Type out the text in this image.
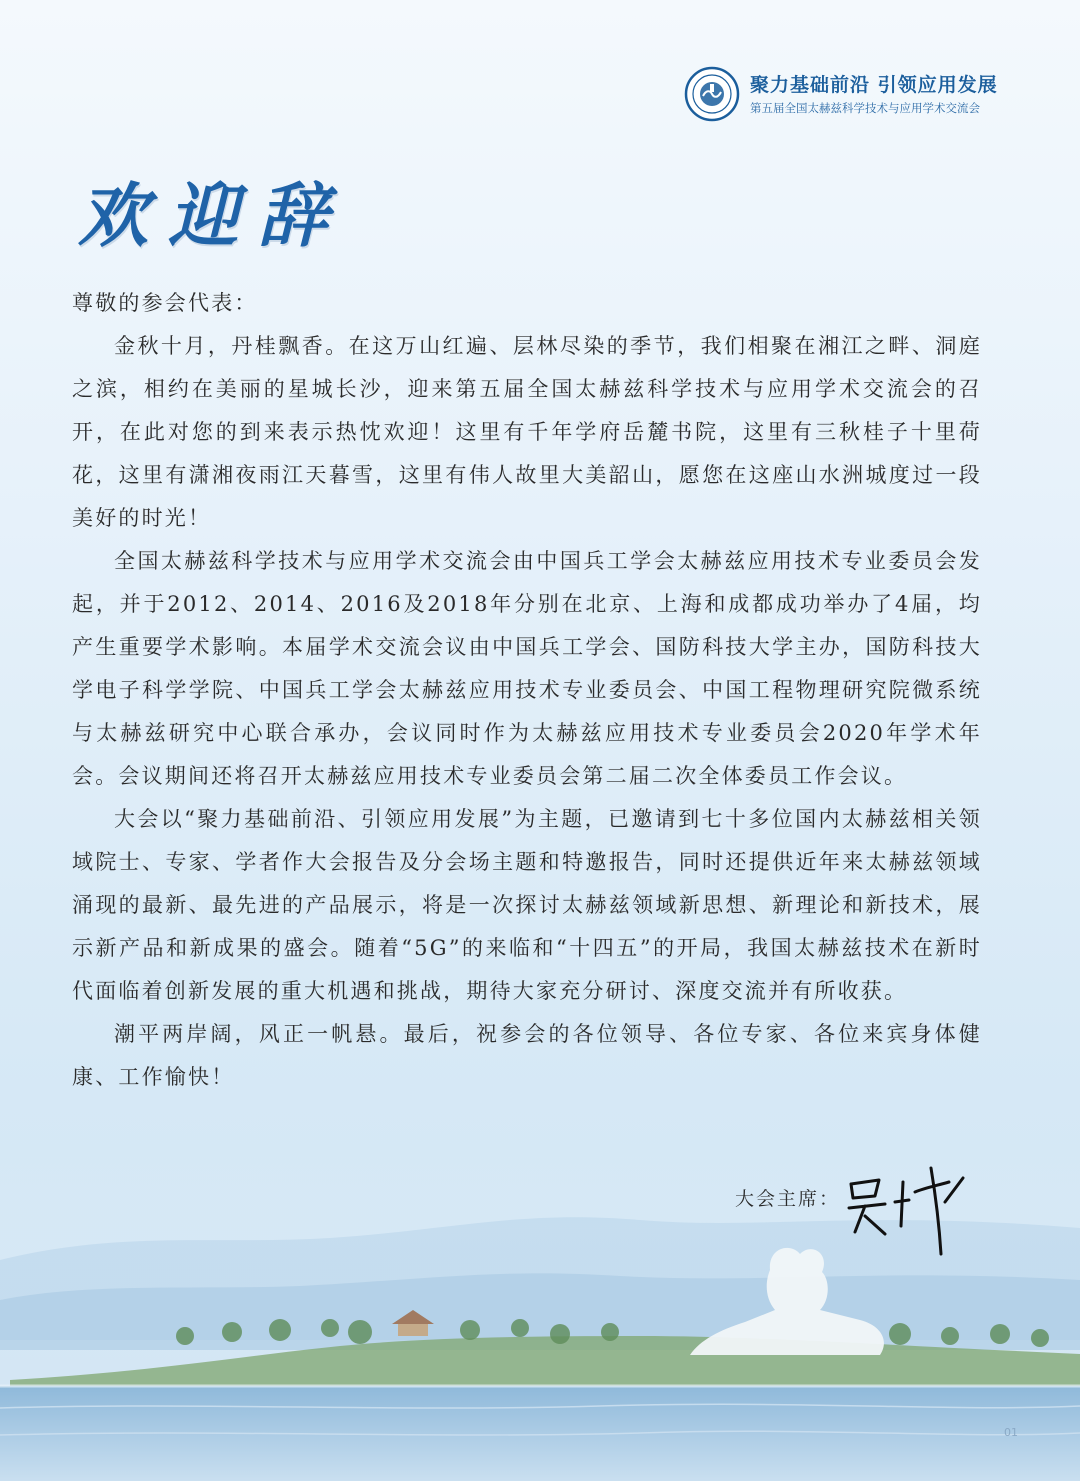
聚力基础前沿 引领应用发展
第五届全国太赫兹科学技术与应用学术交流会
欢迎辞

尊敬的参会代表：

金秋十月，丹桂飘香。在这万山红遍、层林尽染的季节，我们相聚在湘江之畔、洞庭之滨，相约在美丽的星城长沙，迎来第五届全国太赫兹科学技术与应用学术交流会的召开，在此对您的到来表示热忱欢迎！这里有千年学府岳麓书院，这里有三秋桂子十里荷花，这里有潇湘夜雨江天暮雪，这里有伟人故里大美韶山，愿您在这座山水洲城度过一段美好的时光！

全国太赫兹科学技术与应用学术交流会由中国兵工学会太赫兹应用技术专业委员会发起，并于2012、2014、2016及2018年分别在北京、上海和成都成功举办了4届，均产生重要学术影响。本届学术交流会议由中国兵工学会、国防科技大学主办，国防科技大学电子科学学院、中国兵工学会太赫兹应用技术专业委员会、中国工程物理研究院微系统与太赫兹研究中心联合承办，会议同时作为太赫兹应用技术专业委员会2020年学术年会。会议期间还将召开太赫兹应用技术专业委员会第二届二次全体委员工作会议。

大会以“聚力基础前沿、引领应用发展”为主题，已邀请到七十多位国内太赫兹相关领域院士、专家、学者作大会报告及分会场主题和特邀报告，同时还提供近年来太赫兹领域涌现的最新、最先进的产品展示，将是一次探讨太赫兹领域新思想、新理论和新技术，展示新产品和新成果的盛会。随着“5G”的来临和“十四五”的开局，我国太赫兹技术在新时代面临着创新发展的重大机遇和挑战，期待大家充分研讨、深度交流并有所收获。

潮平两岸阔，风正一帆悬。最后，祝参会的各位领导、各位专家、各位来宾身体健康、工作愉快！

大会主席：
01
